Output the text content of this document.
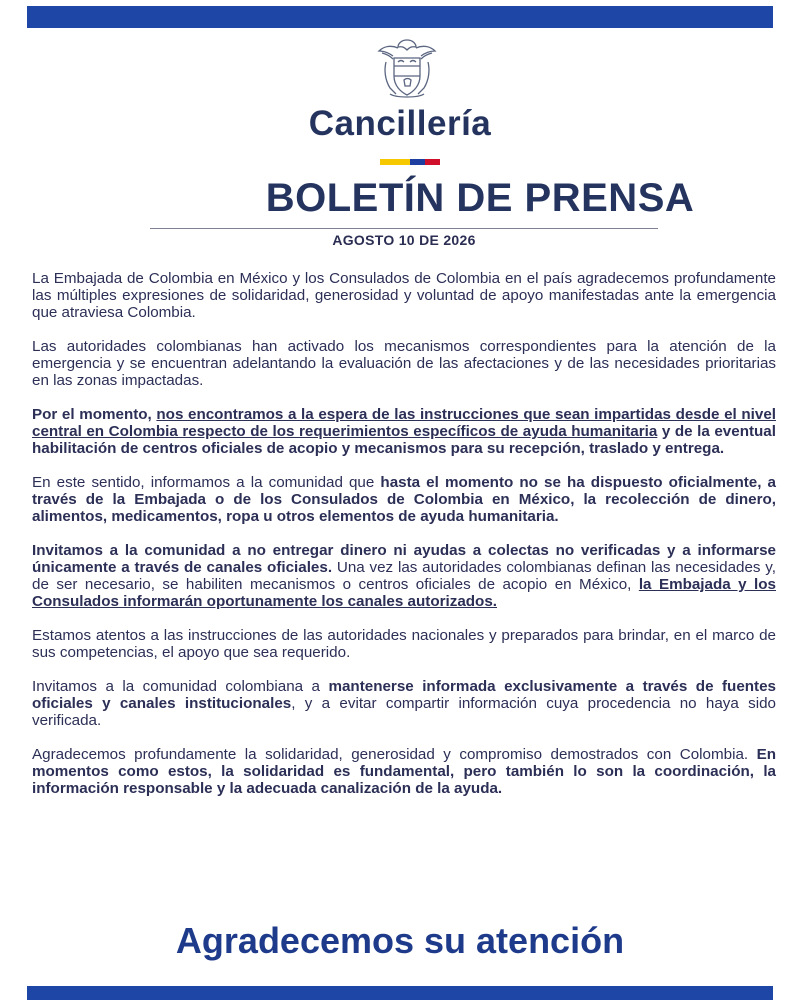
Cancillería
BOLETÍN DE PRENSA
AGOSTO 10 DE 2026

La Embajada de Colombia en México y los Consulados de Colombia en el país agradecemos profundamente las múltiples expresiones de solidaridad, generosidad y voluntad de apoyo manifestadas ante la emergencia que atraviesa Colombia.

Las autoridades colombianas han activado los mecanismos correspondientes para la atención de la emergencia y se encuentran adelantando la evaluación de las afectaciones y de las necesidades prioritarias en las zonas impactadas.

Por el momento, nos encontramos a la espera de las instrucciones que sean impartidas desde el nivel central en Colombia respecto de los requerimientos específicos de ayuda humanitaria y de la eventual habilitación de centros oficiales de acopio y mecanismos para su recepción, traslado y entrega.

En este sentido, informamos a la comunidad que hasta el momento no se ha dispuesto oficialmente, a través de la Embajada o de los Consulados de Colombia en México, la recolección de dinero, alimentos, medicamentos, ropa u otros elementos de ayuda humanitaria.

Invitamos a la comunidad a no entregar dinero ni ayudas a colectas no verificadas y a informarse únicamente a través de canales oficiales. Una vez las autoridades colombianas definan las necesidades y, de ser necesario, se habiliten mecanismos o centros oficiales de acopio en México, la Embajada y los Consulados informarán oportunamente los canales autorizados.

Estamos atentos a las instrucciones de las autoridades nacionales y preparados para brindar, en el marco de sus competencias, el apoyo que sea requerido.

Invitamos a la comunidad colombiana a mantenerse informada exclusivamente a través de fuentes oficiales y canales institucionales, y a evitar compartir información cuya procedencia no haya sido verificada.

Agradecemos profundamente la solidaridad, generosidad y compromiso demostrados con Colombia. En momentos como estos, la solidaridad es fundamental, pero también lo son la coordinación, la información responsable y la adecuada canalización de la ayuda.

Agradecemos su atención
